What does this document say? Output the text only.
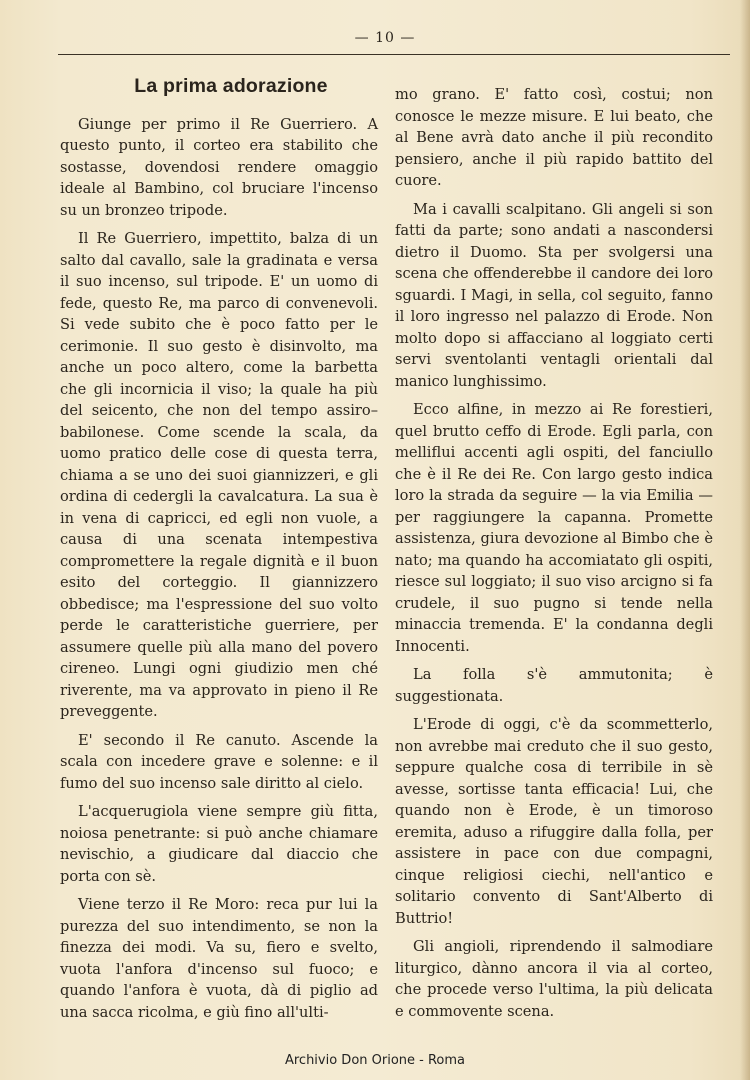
— 10 —
La prima adorazione

Giunge per primo il Re Guerriero. A questo punto, il corteo era stabilito che sostasse, dovendosi rendere omaggio ideale al Bambino, col bruciare l'incenso su un bronzeo tripode.

Il Re Guerriero, impettito, balza di un salto dal cavallo, sale la gradinata e versa il suo incenso, sul tripode. E' un uomo di fede, questo Re, ma parco di convenevoli. Si vede subito che è poco fatto per le cerimonie. Il suo gesto è disinvolto, ma anche un poco altero, come la barbetta che gli incornicia il viso; la quale ha più del seicento, che non del tempo assiro–babilonese. Come scende la scala, da uomo pratico delle cose di questa terra, chiama a se uno dei suoi giannizzeri, e gli ordina di cedergli la cavalcatura. La sua è in vena di capricci, ed egli non vuole, a causa di una scenata intempestiva compromettere la regale dignità e il buon esito del corteggio. Il giannizzero obbedisce; ma l'espressione del suo volto perde le caratteristiche guerriere, per assumere quelle più alla mano del povero cireneo. Lungi ogni giudizio men ché riverente, ma va approvato in pieno il Re preveggente.

E' secondo il Re canuto. Ascende la scala con incedere grave e solenne: e il fumo del suo incenso sale diritto al cielo.

L'acquerugiola viene sempre giù fitta, noiosa penetrante: si può anche chiamare nevischio, a giudicare dal diaccio che porta con sè.

Viene terzo il Re Moro: reca pur lui la purezza del suo intendimento, se non la finezza dei modi. Va su, fiero e svelto, vuota l'anfora d'incenso sul fuoco; e quando l'anfora è vuota, dà di piglio ad una sacca ricolma, e giù fino all'ulti-

mo grano. E' fatto così, costui; non conosce le mezze misure. E lui beato, che al Bene avrà dato anche il più recondito pensiero, anche il più rapido battito del cuore.

Ma i cavalli scalpitano. Gli angeli si son fatti da parte; sono andati a nascondersi dietro il Duomo. Sta per svolgersi una scena che offenderebbe il candore dei loro sguardi. I Magi, in sella, col seguito, fanno il loro ingresso nel palazzo di Erode. Non molto dopo si affacciano al loggiato certi servi sventolanti ventagli orientali dal manico lunghissimo.

Ecco alfine, in mezzo ai Re forestieri, quel brutto ceffo di Erode. Egli parla, con melliflui accenti agli ospiti, del fanciullo che è il Re dei Re. Con largo gesto indica loro la strada da seguire — la via Emilia — per raggiungere la capanna. Promette assistenza, giura devozione al Bimbo che è nato; ma quando ha accomiatato gli ospiti, riesce sul loggiato; il suo viso arcigno si fa crudele, il suo pugno si tende nella minaccia tremenda. E' la condanna degli Innocenti.

La folla s'è ammutonita; è suggestionata.

L'Erode di oggi, c'è da scommetterlo, non avrebbe mai creduto che il suo gesto, seppure qualche cosa di terribile in sè avesse, sortisse tanta efficacia! Lui, che quando non è Erode, è un timoroso eremita, aduso a rifuggire dalla folla, per assistere in pace con due compagni, cinque religiosi ciechi, nell'antico e solitario convento di Sant'Alberto di Buttrio!

Gli angioli, riprendendo il salmodiare liturgico, dànno ancora il via al corteo, che procede verso l'ultima, la più delicata e commovente scena.

Archivio Don Orione - Roma
